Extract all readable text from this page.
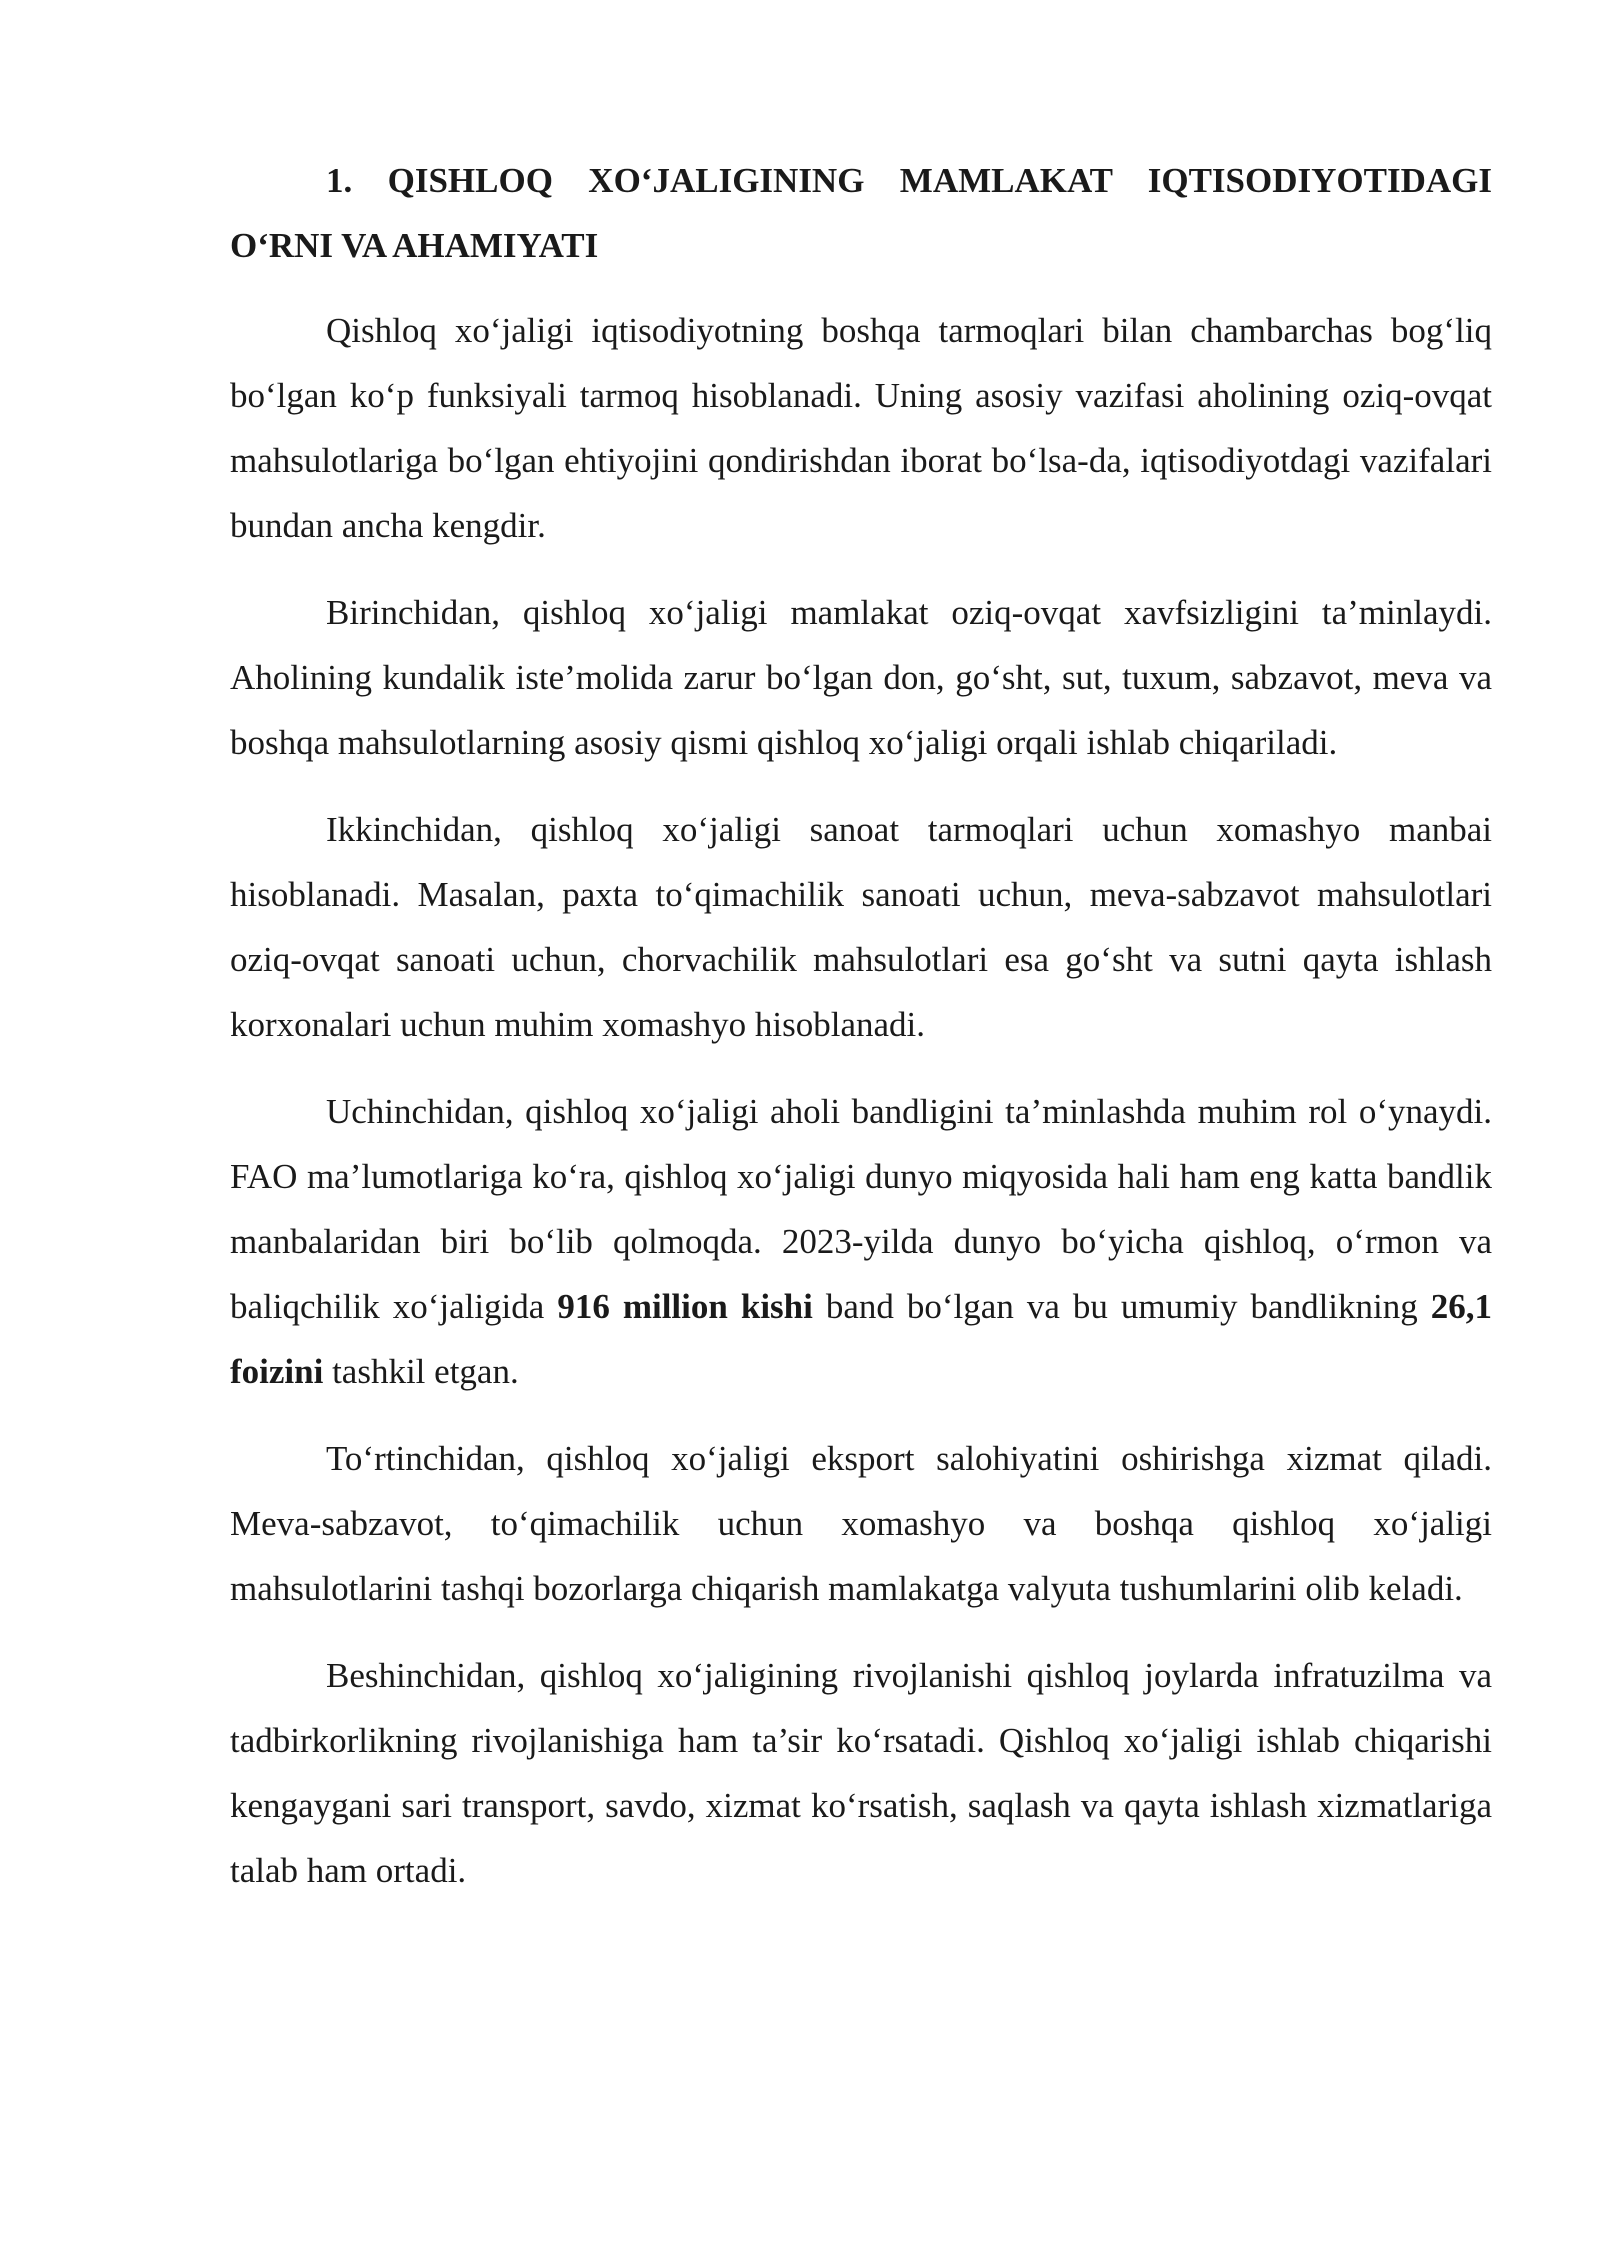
1. QISHLOQ XO‘JALIGINING MAMLAKAT IQTISODIYOTIDAGI O‘RNI VA AHAMIYATI

Qishloq xo‘jaligi iqtisodiyotning boshqa tarmoqlari bilan chambarchas bog‘liq bo‘lgan ko‘p funksiyali tarmoq hisoblanadi. Uning asosiy vazifasi aholining oziq-ovqat mahsulotlariga bo‘lgan ehtiyojini qondirishdan iborat bo‘lsa-da, iqtisodiyotdagi vazifalari bundan ancha kengdir.

Birinchidan, qishloq xo‘jaligi mamlakat oziq-ovqat xavfsizligini ta’minlaydi. Aholining kundalik iste’molida zarur bo‘lgan don, go‘sht, sut, tuxum, sabzavot, meva va boshqa mahsulotlarning asosiy qismi qishloq xo‘jaligi orqali ishlab chiqariladi.

Ikkinchidan, qishloq xo‘jaligi sanoat tarmoqlari uchun xomashyo manbai hisoblanadi. Masalan, paxta to‘qimachilik sanoati uchun, meva-sabzavot mahsulotlari oziq-ovqat sanoati uchun, chorvachilik mahsulotlari esa go‘sht va sutni qayta ishlash korxonalari uchun muhim xomashyo hisoblanadi.

Uchinchidan, qishloq xo‘jaligi aholi bandligini ta’minlashda muhim rol o‘ynaydi. FAO ma’lumotlariga ko‘ra, qishloq xo‘jaligi dunyo miqyosida hali ham eng katta bandlik manbalaridan biri bo‘lib qolmoqda. 2023-yilda dunyo bo‘yicha qishloq, o‘rmon va baliqchilik xo‘jaligida 916 million kishi band bo‘lgan va bu umumiy bandlikning 26,1 foizini tashkil etgan.

To‘rtinchidan, qishloq xo‘jaligi eksport salohiyatini oshirishga xizmat qiladi. Meva-sabzavot, to‘qimachilik uchun xomashyo va boshqa qishloq xo‘jaligi mahsulotlarini tashqi bozorlarga chiqarish mamlakatga valyuta tushumlarini olib keladi.

Beshinchidan, qishloq xo‘jaligining rivojlanishi qishloq joylarda infratuzilma va tadbirkorlikning rivojlanishiga ham ta’sir ko‘rsatadi. Qishloq xo‘jaligi ishlab chiqarishi kengaygani sari transport, savdo, xizmat ko‘rsatish, saqlash va qayta ishlash xizmatlariga talab ham ortadi.
